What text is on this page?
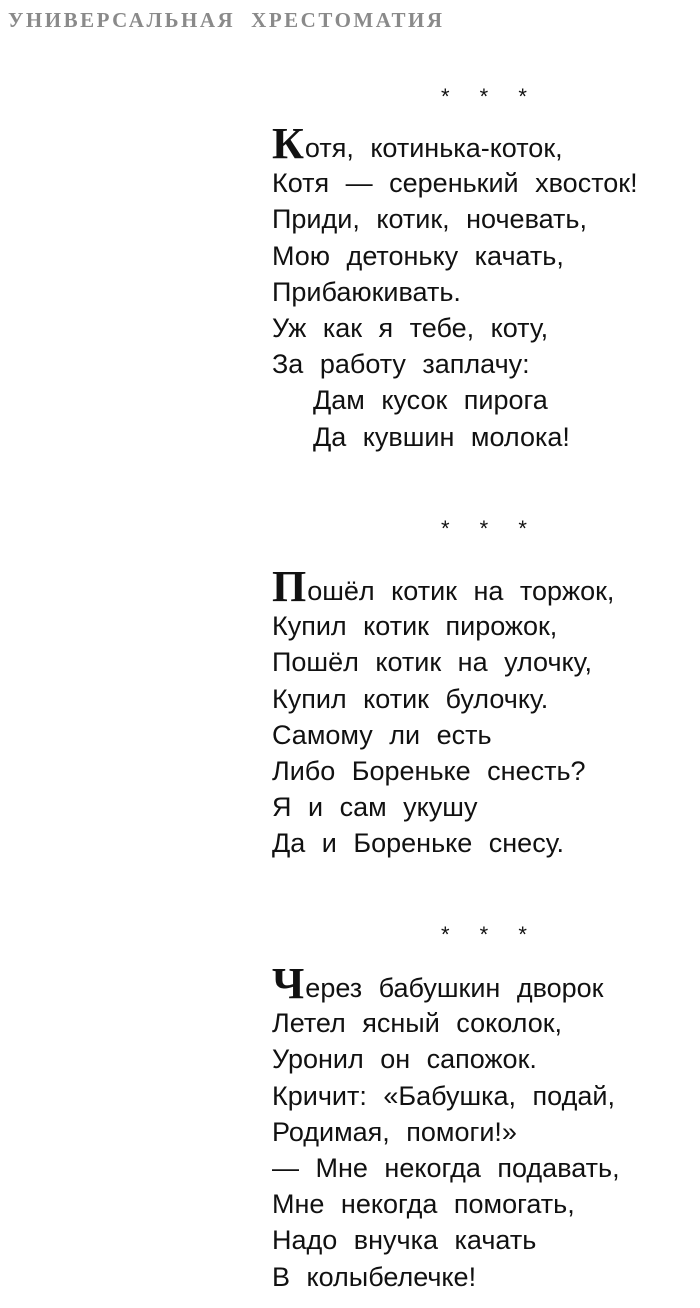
УНИВЕРСАЛЬНАЯ ХРЕСТОМАТИЯ
* * *
Котя, котинька-коток,
Котя — серенький хвосток!
Приди, котик, ночевать,
Мою детоньку качать,
Прибаюкивать.
Уж как я тебе, коту,
За работу заплачу:
Дам кусок пирога
Да кувшин молока!
* * *
Пошёл котик на торжок,
Купил котик пирожок,
Пошёл котик на улочку,
Купил котик булочку.
Самому ли есть
Либо Бореньке снесть?
Я и сам укушу
Да и Бореньке снесу.
* * *
Через бабушкин дворок
Летел ясный соколок,
Уронил он сапожок.
Кричит: «Бабушка, подай,
Родимая, помоги!»
— Мне некогда подавать,
Мне некогда помогать,
Надо внучка качать
В колыбелечке!
